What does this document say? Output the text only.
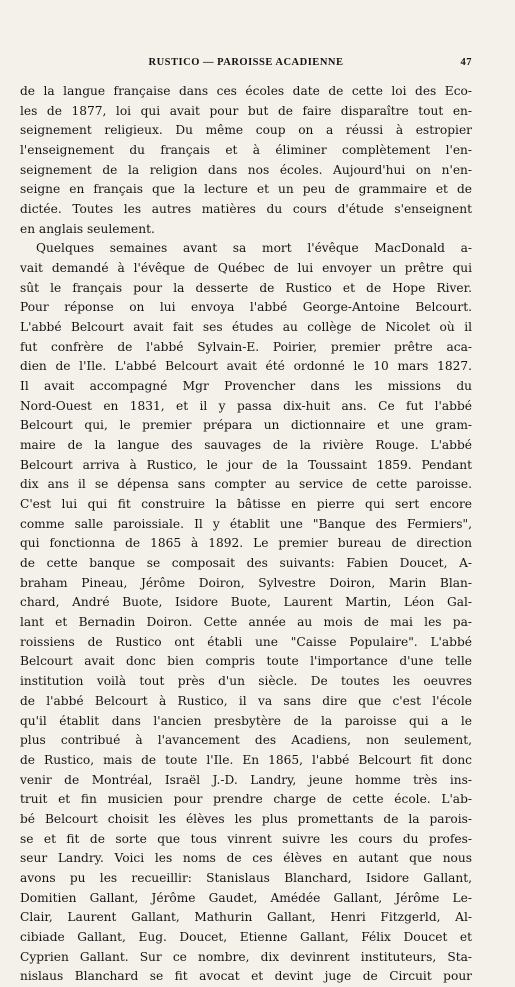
RUSTICO — PAROISSE ACADIENNE	47
de la langue française dans ces écoles date de cette loi des Eco-
les de 1877, loi qui avait pour but de faire disparaître tout en-
seignement religieux. Du même coup on a réussi à estropier
l'enseignement du français et à éliminer complètement l'en-
seignement de la religion dans nos écoles. Aujourd'hui on n'en-
seigne en français que la lecture et un peu de grammaire et de
dictée. Toutes les autres matières du cours d'étude s'enseignent
en anglais seulement.
Quelques semaines avant sa mort l'évêque MacDonald a-
vait demandé à l'évêque de Québec de lui envoyer un prêtre qui
sût le français pour la desserte de Rustico et de Hope River.
Pour réponse on lui envoya l'abbé George-Antoine Belcourt.
L'abbé Belcourt avait fait ses études au collège de Nicolet où il
fut confrère de l'abbé Sylvain-E. Poirier, premier prêtre aca-
dien de l'Ile. L'abbé Belcourt avait été ordonné le 10 mars 1827.
Il avait accompagné Mgr Provencher dans les missions du
Nord-Ouest en 1831, et il y passa dix-huit ans. Ce fut l'abbé
Belcourt qui, le premier prépara un dictionnaire et une gram-
maire de la langue des sauvages de la rivière Rouge. L'abbé
Belcourt arriva à Rustico, le jour de la Toussaint 1859. Pendant
dix ans il se dépensa sans compter au service de cette paroisse.
C'est lui qui fit construire la bâtisse en pierre qui sert encore
comme salle paroissiale. Il y établit une "Banque des Fermiers",
qui fonctionna de 1865 à 1892. Le premier bureau de direction
de cette banque se composait des suivants: Fabien Doucet, A-
braham Pineau, Jérôme Doiron, Sylvestre Doiron, Marin Blan-
chard, André Buote, Isidore Buote, Laurent Martin, Léon Gal-
lant et Bernadin Doiron. Cette année au mois de mai les pa-
roissiens de Rustico ont établi une "Caisse Populaire". L'abbé
Belcourt avait donc bien compris toute l'importance d'une telle
institution voilà tout près d'un siècle. De toutes les oeuvres
de l'abbé Belcourt à Rustico, il va sans dire que c'est l'école
qu'il établit dans l'ancien presbytère de la paroisse qui a le
plus contribué à l'avancement des Acadiens, non seulement,
de Rustico, mais de toute l'Ile. En 1865, l'abbé Belcourt fit donc
venir de Montréal, Israël J.-D. Landry, jeune homme très ins-
truit et fin musicien pour prendre charge de cette école. L'ab-
bé Belcourt choisit les élèves les plus promettants de la parois-
se et fit de sorte que tous vinrent suivre les cours du profes-
seur Landry. Voici les noms de ces élèves en autant que nous
avons pu les recueillir: Stanislaus Blanchard, Isidore Gallant,
Domitien Gallant, Jérôme Gaudet, Amédée Gallant, Jérôme Le-
Clair, Laurent Gallant, Mathurin Gallant, Henri Fitzgerld, Al-
cibiade Gallant, Eug. Doucet, Etienne Gallant, Félix Doucet et
Cyprien Gallant. Sur ce nombre, dix devinrent instituteurs, Sta-
nislaus Blanchard se fit avocat et devint juge de Circuit pour
